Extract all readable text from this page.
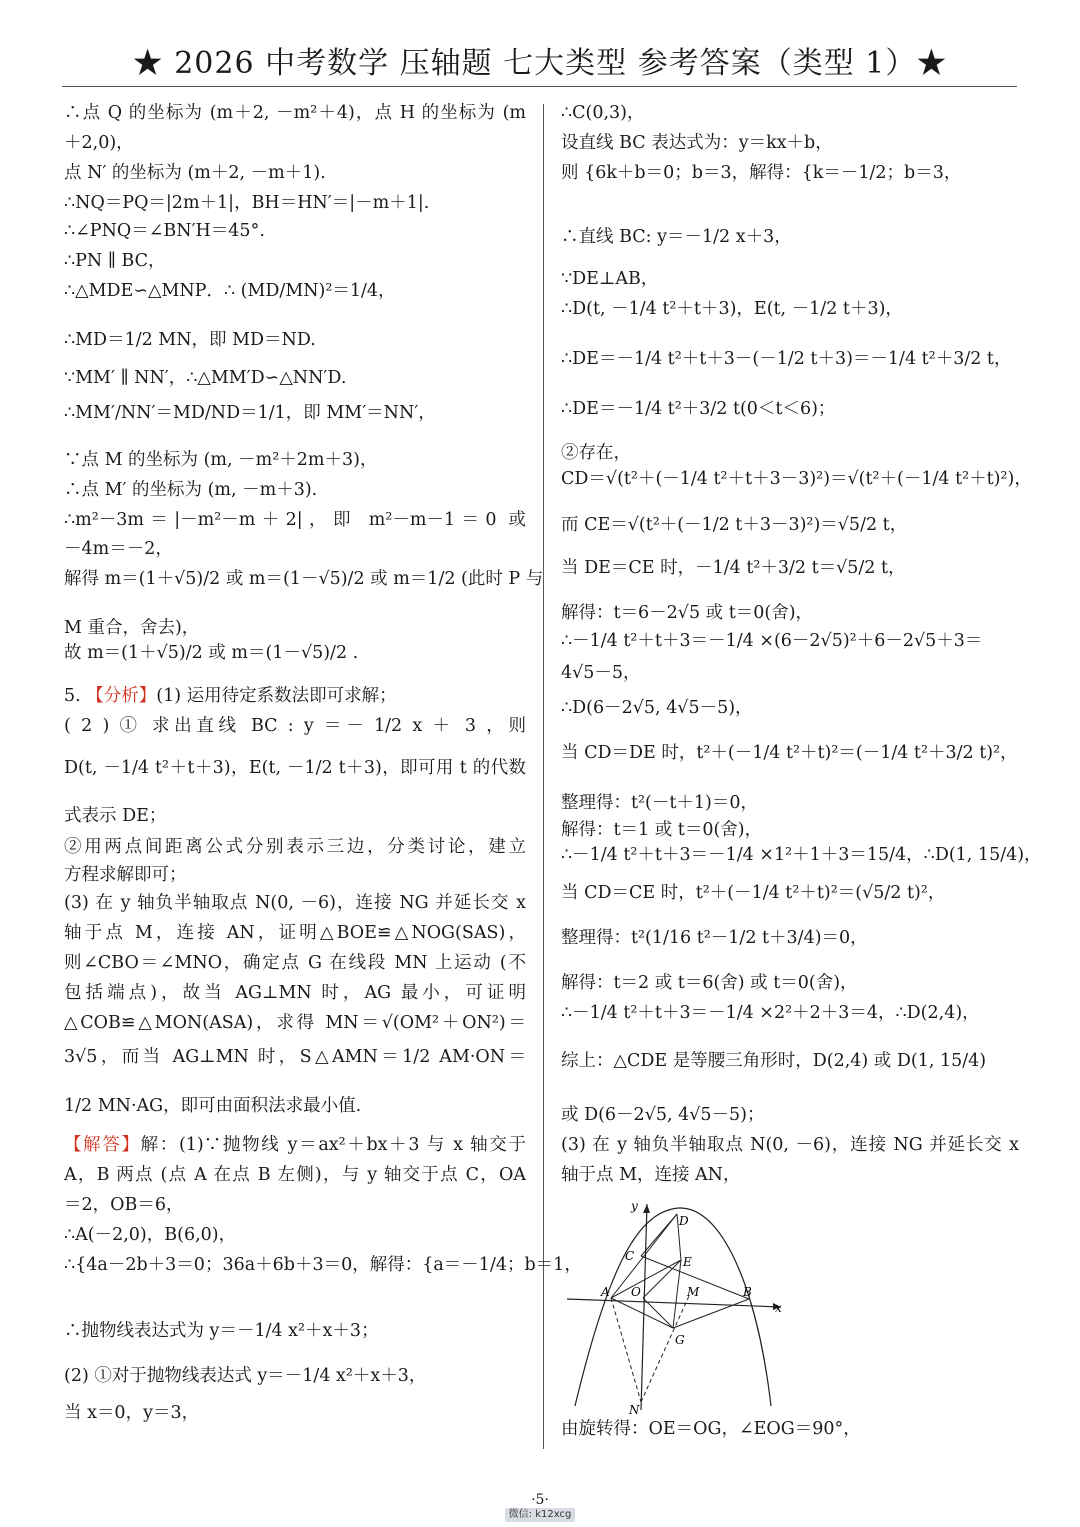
★ 2026 中考数学 压轴题 七大类型 参考答案（类型 1）★
∴点 Q 的坐标为 (m＋2, －m²＋4)，点 H 的坐标为 (m
＋2,0)，
点 N′ 的坐标为 (m＋2, －m＋1).
∴NQ＝PQ＝|2m＋1|，BH＝HN′＝|－m＋1|.
∴∠PNQ＝∠BN′H＝45°.
∴PN ∥ BC，
∴△MDE∽△MNP．∴ (MD/MN)²＝1/4，
∴MD＝1/2 MN，即 MD＝ND.
∵MM′ ∥ NN′，∴△MM′D∽△NN′D.
∴MM′/NN′＝MD/ND＝1/1，即 MM′＝NN′，
∵点 M 的坐标为 (m, －m²＋2m＋3)，
∴点 M′ 的坐标为 (m, －m＋3).
∴m²－3m＝|－m²－m＋2|，即 m²－m－1＝0 或
－4m＝－2，
解得 m＝(1＋√5)/2 或 m＝(1－√5)/2 或 m＝1/2 (此时 P 与
M 重合，舍去)，
故 m＝(1＋√5)/2 或 m＝(1－√5)/2 .
5. 【分析】(1) 运用待定系数法即可求解；
( 2 ) ① 求出直线 BC : y ＝－ 1/2 x ＋ 3 ，则
D(t, －1/4 t²＋t＋3)，E(t, －1/2 t＋3)，即可用 t 的代数
式表示 DE；
②用两点间距离公式分别表示三边，分类讨论，建立
方程求解即可；
(3) 在 y 轴负半轴取点 N(0, －6)，连接 NG 并延长交 x
轴于点 M，连接 AN，证明△BOE≌△NOG(SAS)，
则∠CBO＝∠MNO，确定点 G 在线段 MN 上运动 (不
包括端点)，故当 AG⊥MN 时，AG 最小，可证明
△COB≌△MON(ASA)，求得 MN＝√(OM²＋ON²)＝
3√5，而当 AG⊥MN 时，S△AMN＝1/2 AM·ON＝
1/2 MN·AG，即可由面积法求最小值.
【解答】解：(1)∵抛物线 y＝ax²＋bx＋3 与 x 轴交于
A，B 两点 (点 A 在点 B 左侧)，与 y 轴交于点 C，OA
＝2，OB＝6，
∴A(－2,0)，B(6,0)，
∴{4a－2b＋3＝0；36a＋6b＋3＝0，解得：{a＝－1/4；b＝1，
∴抛物线表达式为 y＝－1/4 x²＋x＋3；
(2) ①对于抛物线表达式 y＝－1/4 x²＋x＋3，
当 x＝0，y＝3，
∴C(0,3)，
设直线 BC 表达式为：y＝kx＋b，
则 {6k＋b＝0；b＝3，解得：{k＝－1/2；b＝3，
∴直线 BC: y＝－1/2 x＋3，
∵DE⊥AB，
∴D(t, －1/4 t²＋t＋3)，E(t, －1/2 t＋3)，
∴DE＝－1/4 t²＋t＋3－(－1/2 t＋3)＝－1/4 t²＋3/2 t，
∴DE＝－1/4 t²＋3/2 t(0＜t＜6)；
②存在，
CD＝√(t²＋(－1/4 t²＋t＋3－3)²)＝√(t²＋(－1/4 t²＋t)²)，
而 CE＝√(t²＋(－1/2 t＋3－3)²)＝√5/2 t，
当 DE＝CE 时，－1/4 t²＋3/2 t＝√5/2 t，
解得：t＝6－2√5 或 t＝0(舍)，
∴－1/4 t²＋t＋3＝－1/4 ×(6－2√5)²＋6－2√5＋3＝
4√5－5，
∴D(6－2√5, 4√5－5)，
当 CD＝DE 时，t²＋(－1/4 t²＋t)²＝(－1/4 t²＋3/2 t)²，
整理得：t²(－t＋1)＝0，
解得：t＝1 或 t＝0(舍)，
∴－1/4 t²＋t＋3＝－1/4 ×1²＋1＋3＝15/4，∴D(1, 15/4)，
当 CD＝CE 时，t²＋(－1/4 t²＋t)²＝(√5/2 t)²，
整理得：t²(1/16 t²－1/2 t＋3/4)＝0，
解得：t＝2 或 t＝6(舍) 或 t＝0(舍)，
∴－1/4 t²＋t＋3＝－1/4 ×2²＋2＋3＝4，∴D(2,4)，
综上：△CDE 是等腰三角形时，D(2,4) 或 D(1, 15/4)
或 D(6－2√5, 4√5－5)；
(3) 在 y 轴负半轴取点 N(0, －6)，连接 NG 并延长交 x
轴于点 M，连接 AN，
由旋转得：OE＝OG，∠EOG＝90°，
y
x
D
C	E
A O	M	B
G
N
·5·
微信: k12xcg
